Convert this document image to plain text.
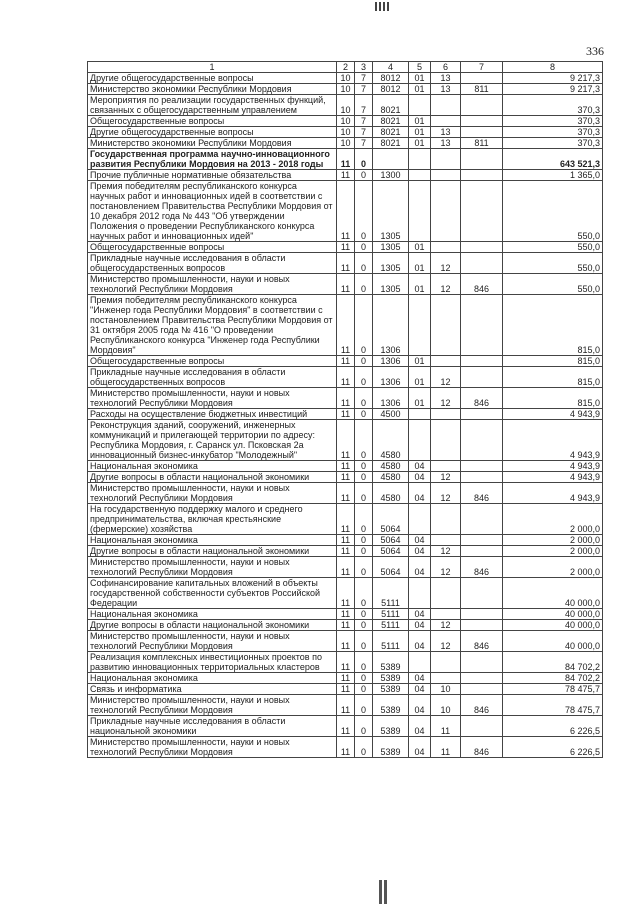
336
1	2	3	4	5	6	7	8
Другие общегосударственные вопросы	10	7	8012	01	13		9 217,3
Министерство экономики Республики Мордовия	10	7	8012	01	13	811	9 217,3
Мероприятия по реализации государственных функций, связанных с общегосударственным управлением	10	7	8021				370,3
Общегосударственные вопросы	10	7	8021	01			370,3
Другие общегосударственные вопросы	10	7	8021	01	13		370,3
Министерство экономики Республики Мордовия	10	7	8021	01	13	811	370,3
Государственная программа научно-инновационного развития Республики Мордовия на 2013 - 2018 годы	11	0					643 521,3
Прочие публичные нормативные обязательства	11	0	1300				1 365,0
Премия победителям республиканского конкурса научных работ и инновационных идей в соответствии с постановлением Правительства Республики Мордовия от 10 декабря 2012 года № 443 "Об утверждении Положения о проведении Республиканского конкурса научных работ и инновационных идей"	11	0	1305				550,0
Общегосударственные вопросы	11	0	1305	01			550,0
Прикладные научные исследования в области общегосударственных вопросов	11	0	1305	01	12		550,0
Министерство промышленности, науки и новых технологий Республики Мордовия	11	0	1305	01	12	846	550,0
Премия победителям республиканского конкурса "Инженер года Республики Мордовия" в соответствии с постановлением Правительства Республики Мордовия от 31 октября 2005 года № 416 "О проведении Республиканского конкурса "Инженер года Республики Мордовия"	11	0	1306				815,0
Общегосударственные вопросы	11	0	1306	01			815,0
Прикладные научные исследования в области общегосударственных вопросов	11	0	1306	01	12		815,0
Министерство промышленности, науки и новых технологий Республики Мордовия	11	0	1306	01	12	846	815,0
Расходы на осуществление бюджетных инвестиций	11	0	4500				4 943,9
Реконструкция зданий, сооружений, инженерных коммуникаций и прилегающей территории по адресу: Республика Мордовия, г. Саранск ул. Псковская 2а инновационный бизнес-инкубатор "Молодежный"	11	0	4580				4 943,9
Национальная экономика	11	0	4580	04			4 943,9
Другие вопросы в области национальной экономики	11	0	4580	04	12		4 943,9
Министерство промышленности, науки и новых технологий Республики Мордовия	11	0	4580	04	12	846	4 943,9
На государственную поддержку малого и среднего предпринимательства, включая крестьянские (фермерские) хозяйства	11	0	5064				2 000,0
Национальная экономика	11	0	5064	04			2 000,0
Другие вопросы в области национальной экономики	11	0	5064	04	12		2 000,0
Министерство промышленности, науки и новых технологий Республики Мордовия	11	0	5064	04	12	846	2 000,0
Софинансирование капитальных вложений в объекты государственной собственности субъектов Российской Федерации	11	0	5111				40 000,0
Национальная экономика	11	0	5111	04			40 000,0
Другие вопросы в области национальной экономики	11	0	5111	04	12		40 000,0
Министерство промышленности, науки и новых технологий Республики Мордовия	11	0	5111	04	12	846	40 000,0
Реализация комплексных инвестиционных проектов по развитию инновационных территориальных кластеров	11	0	5389				84 702,2
Национальная экономика	11	0	5389	04			84 702,2
Связь и информатика	11	0	5389	04	10		78 475,7
Министерство промышленности, науки и новых технологий Республики Мордовия	11	0	5389	04	10	846	78 475,7
Прикладные научные исследования в области национальной экономики	11	0	5389	04	11		6 226,5
Министерство промышленности, науки и новых технологий Республики Мордовия	11	0	5389	04	11	846	6 226,5
